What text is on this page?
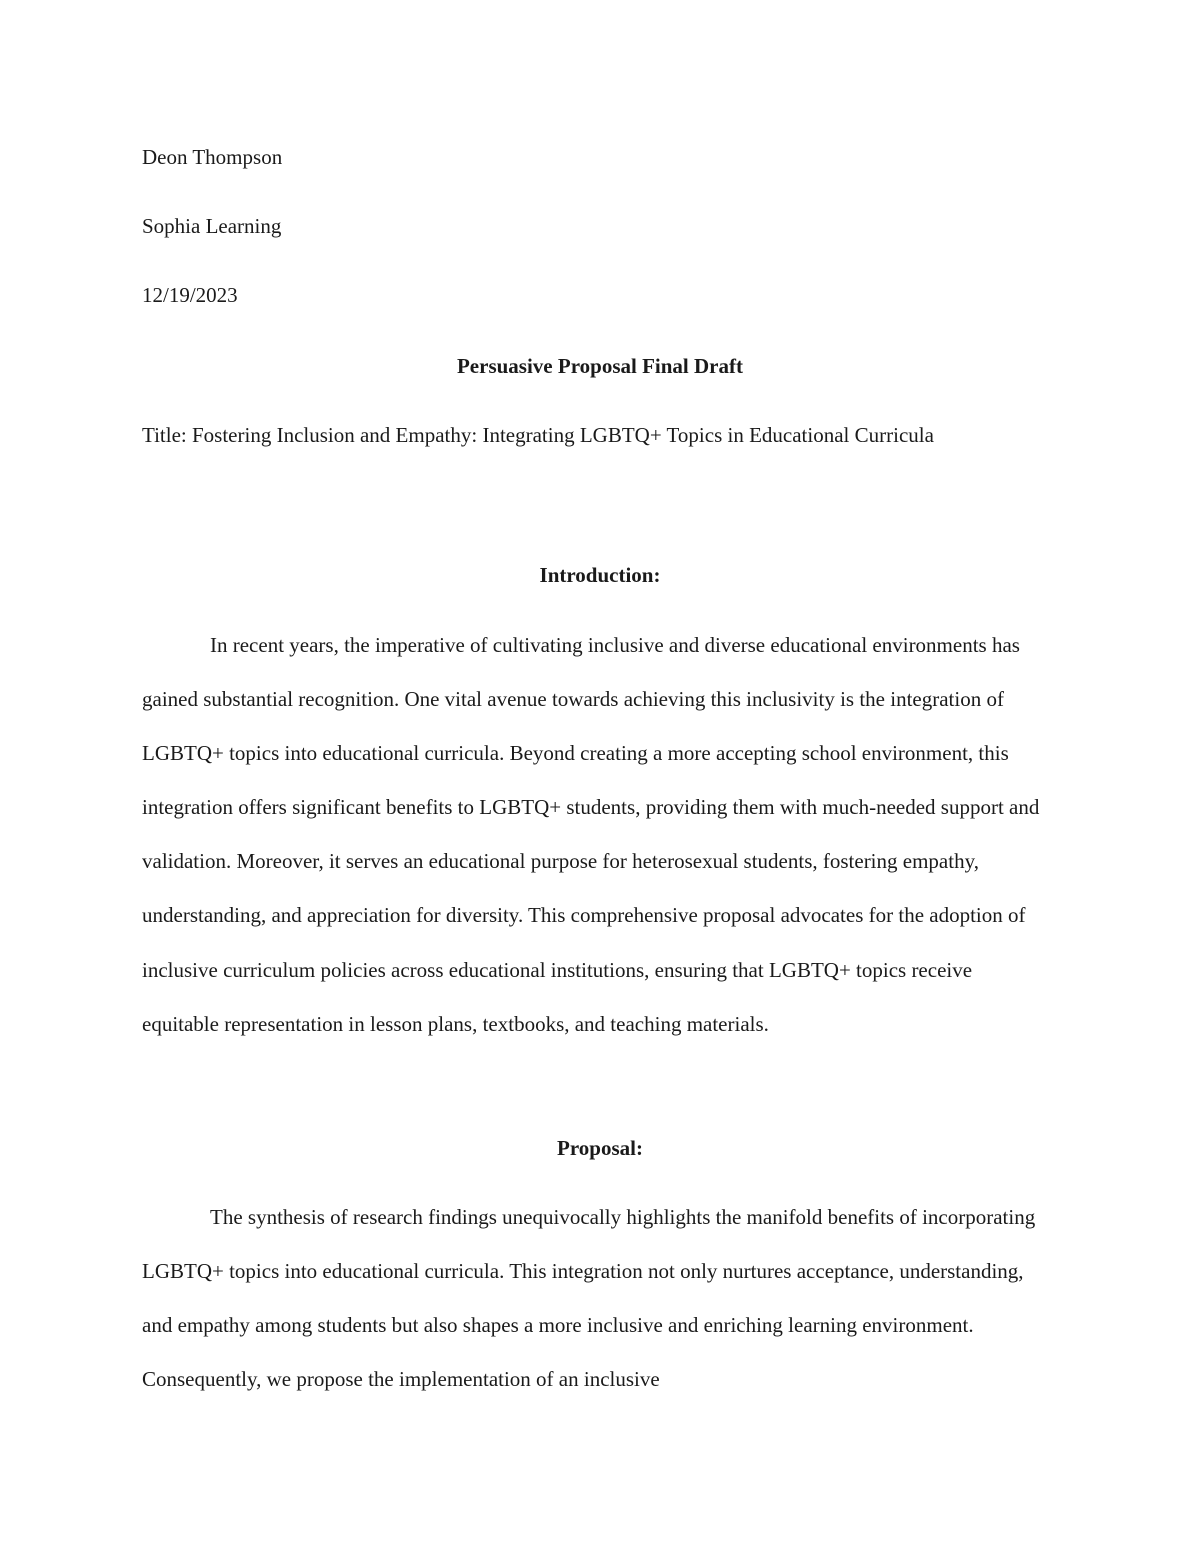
Deon Thompson
Sophia Learning
12/19/2023
Persuasive Proposal Final Draft
Title: Fostering Inclusion and Empathy: Integrating LGBTQ+ Topics in Educational Curricula
Introduction:

In recent years, the imperative of cultivating inclusive and diverse educational environments has gained substantial recognition. One vital avenue towards achieving this inclusivity is the integration of LGBTQ+ topics into educational curricula. Beyond creating a more accepting school environment, this integration offers significant benefits to LGBTQ+ students, providing them with much-needed support and validation. Moreover, it serves an educational purpose for heterosexual students, fostering empathy, understanding, and appreciation for diversity. This comprehensive proposal advocates for the adoption of inclusive curriculum policies across educational institutions, ensuring that LGBTQ+ topics receive equitable representation in lesson plans, textbooks, and teaching materials.

Proposal:

The synthesis of research findings unequivocally highlights the manifold benefits of incorporating LGBTQ+ topics into educational curricula. This integration not only nurtures acceptance, understanding, and empathy among students but also shapes a more inclusive and enriching learning environment. Consequently, we propose the implementation of an inclusive
